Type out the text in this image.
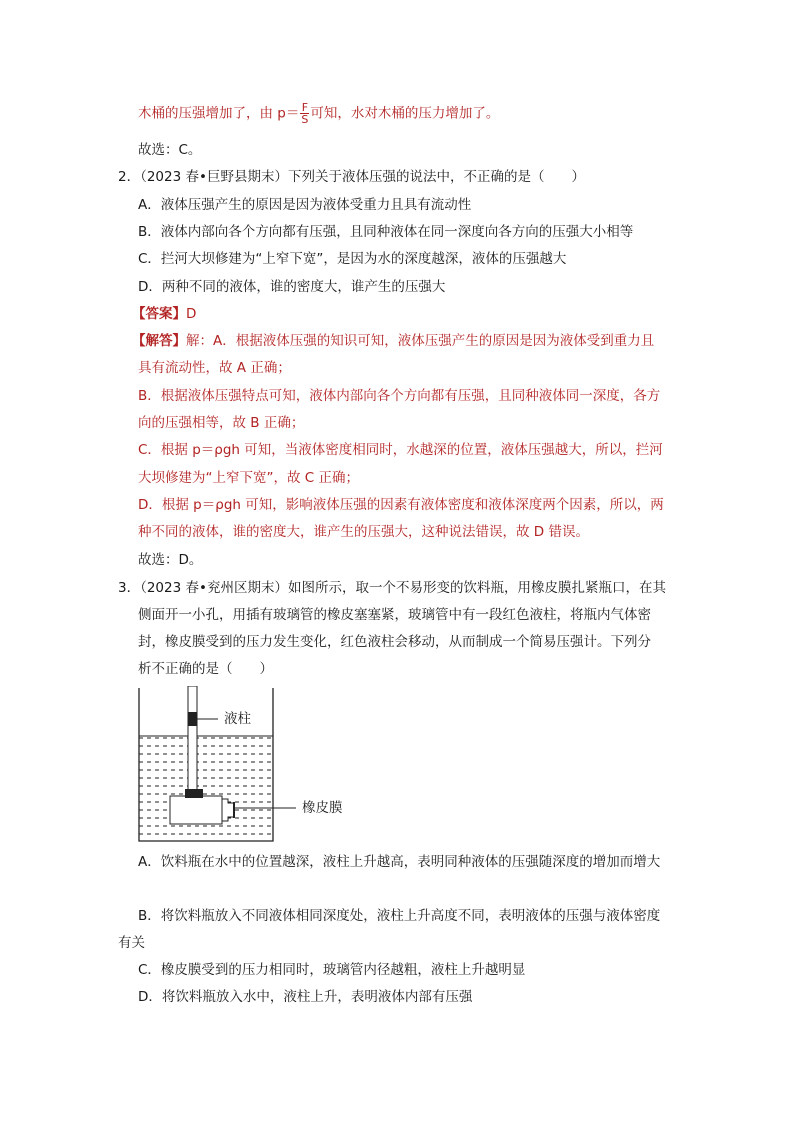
木桶的压强增加了，由 $p= \frac{F}{S}$ 可知，水对木桶的压力增加了。
故选：C。
2．（2023 春•巨野县期末）下列关于液体压强的说法中，不正确的是（　　）
A．液体压强产生的原因是因为液体受重力且具有流动性
B．液体内部向各个方向都有压强，且同种液体在同一深度向各方向的压强大小相等
C．拦河大坝修建为“上窄下宽”，是因为水的深度越深，液体的压强越大
D．两种不同的液体，谁的密度大，谁产生的压强大
【答案】D
【解答】解：A．根据液体压强的知识可知，液体压强产生的原因是因为液体受到重力且
具有流动性，故 A 正确；
B．根据液体压强特点可知，液体内部向各个方向都有压强，且同种液体同一深度，各方
向的压强相等，故 B 正确；
C．根据 p＝ρgh 可知，当液体密度相同时，水越深的位置，液体压强越大，所以，拦河
大坝修建为“上窄下宽”，故 C 正确；
D．根据 p＝ρgh 可知，影响液体压强的因素有液体密度和液体深度两个因素，所以，两
种不同的液体，谁的密度大，谁产生的压强大，这种说法错误，故 D 错误。
故选：D。
3．（2023 春•兖州区期末）如图所示，取一个不易形变的饮料瓶，用橡皮膜扎紧瓶口，在其
侧面开一小孔，用插有玻璃管的橡皮塞塞紧，玻璃管中有一段红色液柱，将瓶内气体密
封，橡皮膜受到的压力发生变化，红色液柱会移动，从而制成一个简易压强计。下列分
析不正确的是（　　）
液柱
橡皮膜
A．饮料瓶在水中的位置越深，液柱上升越高，表明同种液体的压强随深度的增加而增大
B．将饮料瓶放入不同液体相同深度处，液柱上升高度不同，表明液体的压强与液体密度
有关
C．橡皮膜受到的压力相同时，玻璃管内径越粗，液柱上升越明显
D．将饮料瓶放入水中，液柱上升，表明液体内部有压强
